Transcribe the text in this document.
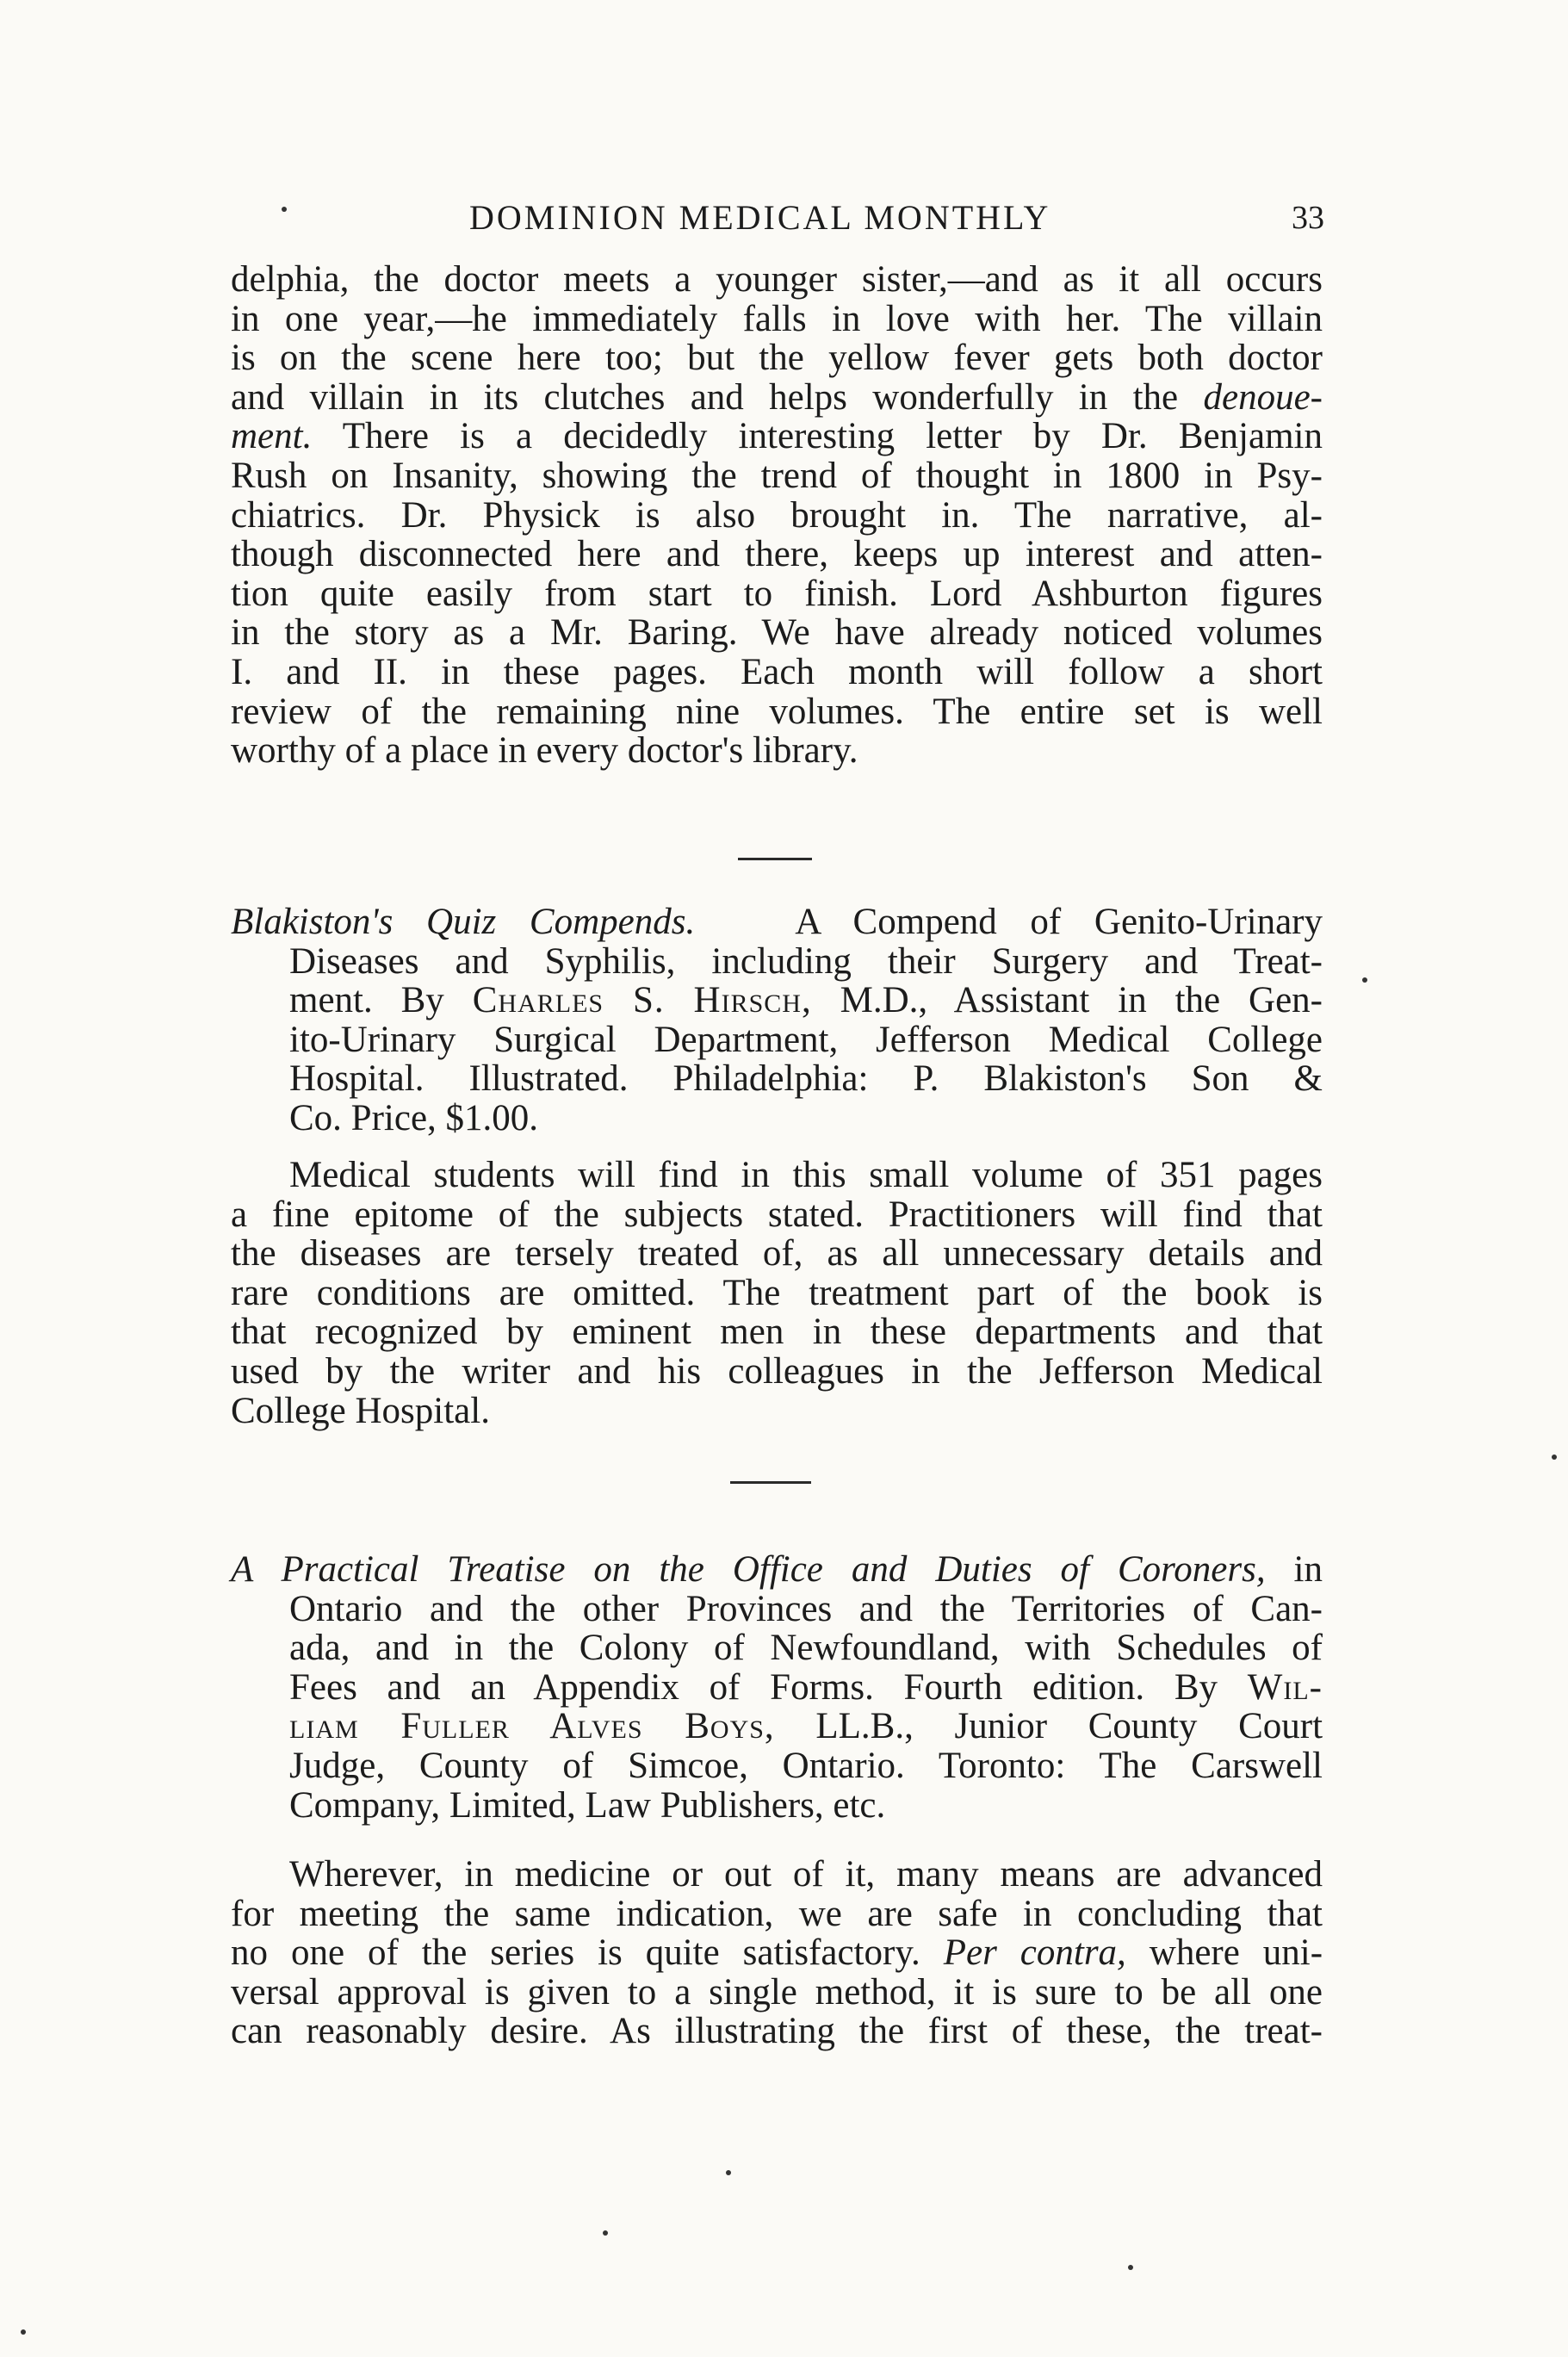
DOMINION MEDICAL MONTHLY	33
delphia, the doctor meets a younger sister,—and as it all occurs
in one year,—he immediately falls in love with her. The villain
is on the scene here too; but the yellow fever gets both doctor
and villain in its clutches and helps wonderfully in the denoue-
ment. There is a decidedly interesting letter by Dr. Benjamin
Rush on Insanity, showing the trend of thought in 1800 in Psy-
chiatrics. Dr. Physick is also brought in. The narrative, al-
though disconnected here and there, keeps up interest and atten-
tion quite easily from start to finish. Lord Ashburton figures
in the story as a Mr. Baring. We have already noticed volumes
I. and II. in these pages. Each month will follow a short
review of the remaining nine volumes. The entire set is well
worthy of a place in every doctor's library.
Blakiston's Quiz Compends.	A Compend of Genito-Urinary
Diseases and Syphilis, including their Surgery and Treat-
ment. By Charles S. Hirsch, M.D., Assistant in the Gen-
ito-Urinary Surgical Department, Jefferson Medical College
Hospital. Illustrated. Philadelphia: P. Blakiston's Son &
Co. Price, $1.00.
Medical students will find in this small volume of 351 pages
a fine epitome of the subjects stated. Practitioners will find that
the diseases are tersely treated of, as all unnecessary details and
rare conditions are omitted. The treatment part of the book is
that recognized by eminent men in these departments and that
used by the writer and his colleagues in the Jefferson Medical
College Hospital.
A Practical Treatise on the Office and Duties of Coroners, in
Ontario and the other Provinces and the Territories of Can-
ada, and in the Colony of Newfoundland, with Schedules of
Fees and an Appendix of Forms. Fourth edition. By Wil-
liam Fuller Alves Boys, LL.B., Junior County Court
Judge, County of Simcoe, Ontario. Toronto: The Carswell
Company, Limited, Law Publishers, etc.
Wherever, in medicine or out of it, many means are advanced
for meeting the same indication, we are safe in concluding that
no one of the series is quite satisfactory. Per contra, where uni-
versal approval is given to a single method, it is sure to be all one
can reasonably desire. As illustrating the first of these, the treat-
